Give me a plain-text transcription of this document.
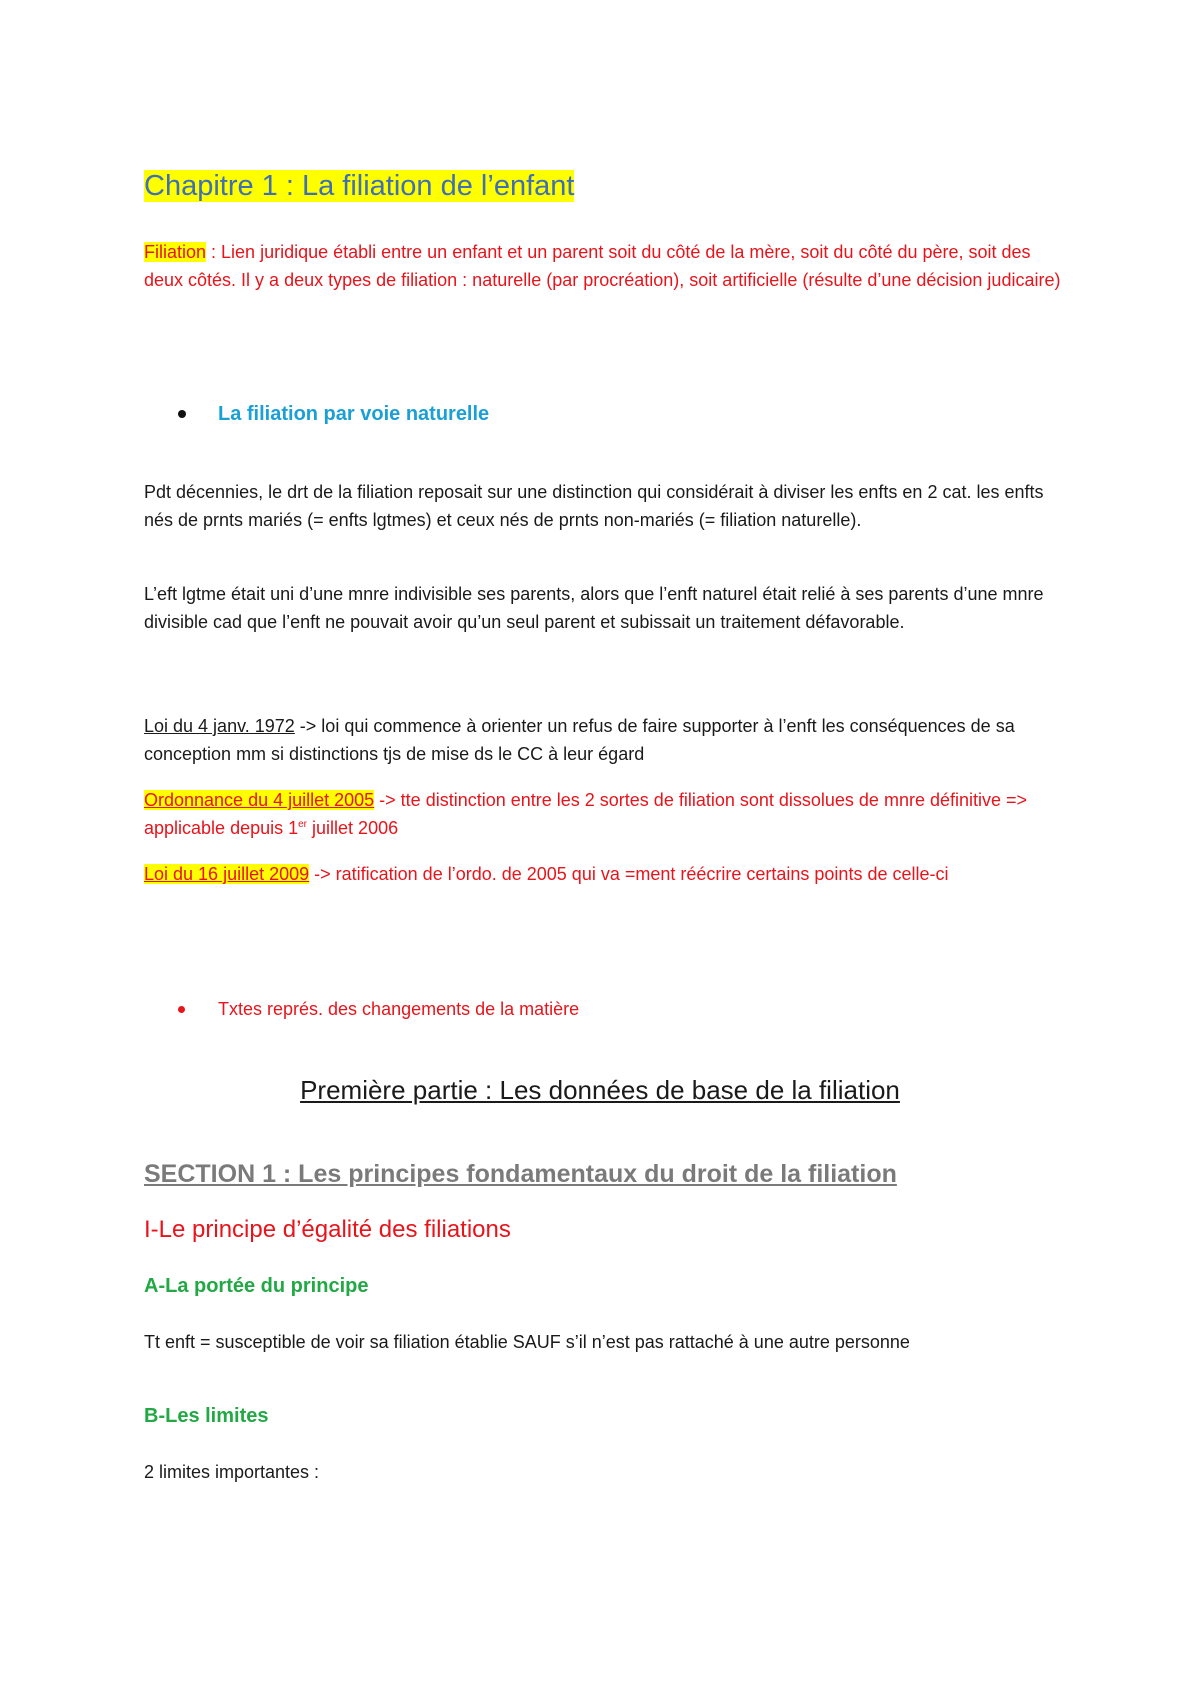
Chapitre 1 : La filiation de l’enfant

Filiation : Lien juridique établi entre un enfant et un parent soit du côté de la mère, soit du côté du père, soit des deux côtés. Il y a deux types de filiation : naturelle (par procréation), soit artificielle (résulte d’une décision judicaire)

La filiation par voie naturelle

Pdt décennies, le drt de la filiation reposait sur une distinction qui considérait à diviser les enfts en 2 cat. les enfts nés de prnts mariés (= enfts lgtmes) et ceux nés de prnts non-mariés (= filiation naturelle).

L’eft lgtme était uni d’une mnre indivisible ses parents, alors que l’enft naturel était relié à ses parents d’une mnre divisible cad que l’enft ne pouvait avoir qu’un seul parent et subissait un traitement défavorable.

Loi du 4 janv. 1972 -> loi qui commence à orienter un refus de faire supporter à l’enft les conséquences de sa conception mm si distinctions tjs de mise ds le CC à leur égard

Ordonnance du 4 juillet 2005 -> tte distinction entre les 2 sortes de filiation sont dissolues de mnre définitive => applicable depuis 1er juillet 2006

Loi du 16 juillet 2009 -> ratification de l’ordo. de 2005 qui va =ment réécrire certains points de celle-ci

Txtes représ. des changements de la matière
Première partie : Les données de base de la filiation
SECTION 1 : Les principes fondamentaux du droit de la filiation
I-Le principe d’égalité des filiations
A-La portée du principe

Tt enft = susceptible de voir sa filiation établie SAUF s’il n’est pas rattaché à une autre personne

B-Les limites

2 limites importantes :
